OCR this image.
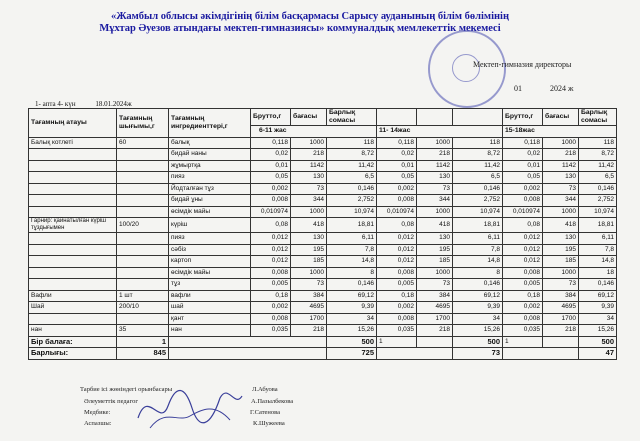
«Жамбыл облысы әкімдігінің білім басқармасы Сарысу ауданының білім бөлімінің
Мұхтар Әуезов атындағы мектеп-гимназиясы» коммуналдық мемлекеттік мекемесі
Мектеп-гимназия директоры
01	2024 ж
1- апта 4- күн	18.01.2024ж
Тағамның атауы	Тағамның шығымы,г	Тағамның ингредиенттері,г	Брутто,г	бағасы	Барлық сомасы				Брутто,г	бағасы	Барлық сомасы
			6-11 жас			11- 14жас			15-18жас		
Балық котлеті	60	балық	0,118	1000	118	0,118	1000	118	0,118	1000	118
		бидай наны	0,02	218	8,72	0,02	218	8,72	0,02	218	8,72
		жұмыртқа	0,01	1142	11,42	0,01	1142	11,42	0,01	1142	11,42
		пияз	0,05	130	6,5	0,05	130	6,5	0,05	130	6,5
		Йодталған тұз	0,002	73	0,146	0,002	73	0,146	0,002	73	0,146
		бидай ұны	0,008	344	2,752	0,008	344	2,752	0,008	344	2,752
		өсімдік майы	0,010974	1000	10,974	0,010974	1000	10,974	0,010974	1000	10,974
Гарнир: қайнатылған күріш тұздығымен	100/20	күріш	0,08	418	18,81	0,08	418	18,81	0,08	418	18,81
		пияз	0,012	130	6,11	0,012	130	6,11	0,012	130	6,11
		сәбіз	0,012	195	7,8	0,012	195	7,8	0,012	195	7,8
		картоп	0,012	185	14,8	0,012	185	14,8	0,012	185	14,8
		өсімдік майы	0,008	1000	8	0,008	1000	8	0,008	1000	18
		тұз	0,005	73	0,146	0,005	73	0,146	0,005	73	0,146
Вафли	1 шт	вафли	0,18	384	69,12	0,18	384	69,12	0,18	384	69,12
Шай	200/10	шай	0,002	4695	9,39	0,002	4695	9,39	0,002	4695	9,39
		қант	0,008	1700	34	0,008	1700	34	0,008	1700	34
нан	35	нан	0,035	218	15,26	0,035	218	15,26	0,035	218	15,26
Бір балаға:	1				500	1		500	1		500
Барлығы:	845				725			73			47
Тарбие ісі жөніндегі орынбасары	Л.Абуова
Әлеуметтік педагог	А.Пазылбекова
Медбике:	Г.Сатенова
Аспазшы:	К.Шужеева
